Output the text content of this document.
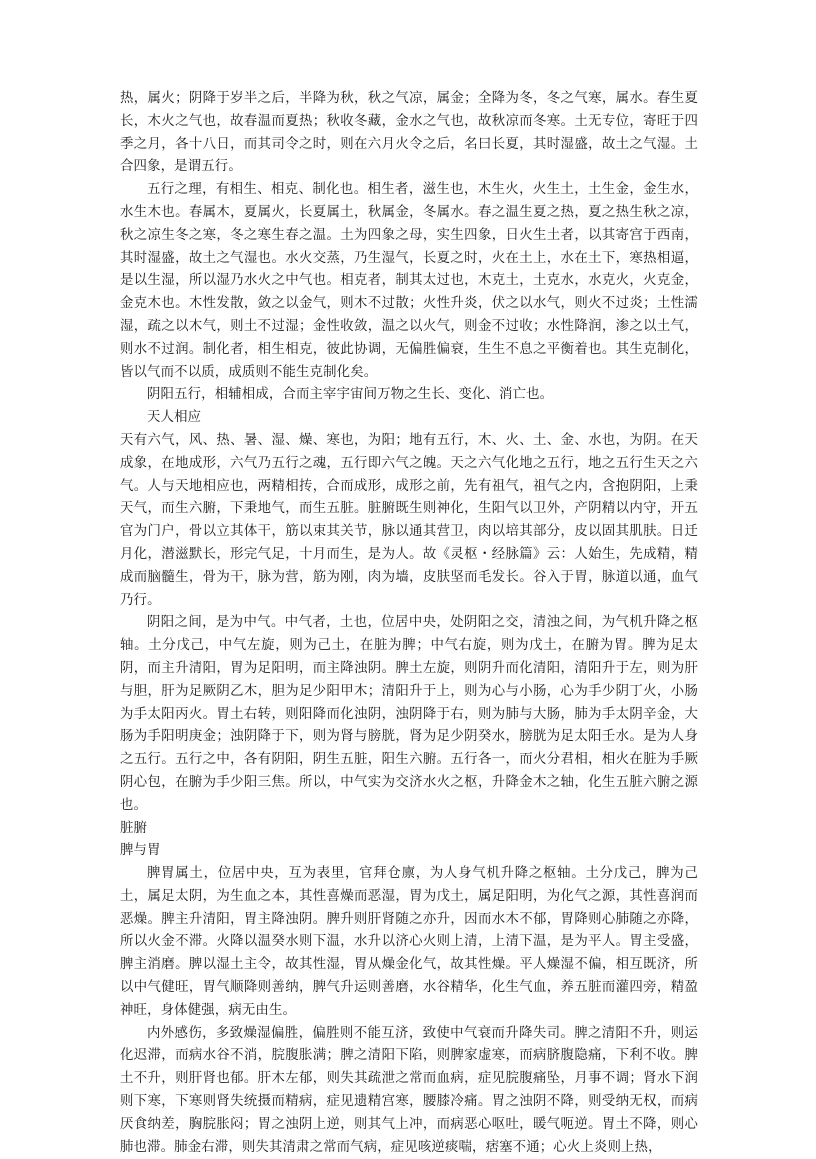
热，属火；阴降于岁半之后，半降为秋，秋之气凉，属金；全降为冬，冬之气寒，属水。春生夏长，木火之气也，故春温而夏热；秋收冬藏，金水之气也，故秋凉而冬寒。土无专位，寄旺于四季之月，各十八日，而其司令之时，则在六月火令之后，名曰长夏，其时湿盛，故土之气湿。土合四象，是谓五行。

五行之理，有相生、相克、制化也。相生者，滋生也，木生火，火生土，土生金，金生水，水生木也。春属木，夏属火，长夏属土，秋属金，冬属水。春之温生夏之热，夏之热生秋之凉，秋之凉生冬之寒，冬之寒生春之温。土为四象之母，实生四象，日火生土者，以其寄宫于西南，其时湿盛，故土之气湿也。水火交蒸，乃生湿气，长夏之时，火在土上，水在土下，寒热相逼，是以生湿，所以湿乃水火之中气也。相克者，制其太过也，木克土，土克水，水克火，火克金，金克木也。木性发散，敛之以金气，则木不过散；火性升炎，伏之以水气，则火不过炎；土性濡湿，疏之以木气，则土不过湿；金性收敛，温之以火气，则金不过收；水性降润，渗之以土气，则水不过润。制化者，相生相克，彼此协调，无偏胜偏衰，生生不息之平衡着也。其生克制化，皆以气而不以质，成质则不能生克制化矣。

阴阳五行，相辅相成，合而主宰宇宙间万物之生长、变化、消亡也。

天人相应

天有六气，风、热、暑、湿、燥、寒也，为阳；地有五行，木、火、土、金、水也，为阴。在天成象，在地成形，六气乃五行之魂，五行即六气之魄。天之六气化地之五行，地之五行生天之六气。人与天地相应也，两精相抟，合而成形，成形之前，先有祖气，祖气之内，含抱阴阳，上秉天气，而生六腑，下秉地气，而生五脏。脏腑既生则神化，生阳气以卫外，产阴精以内守，开五官为门户，骨以立其体干，筋以束其关节，脉以通其营卫，肉以培其部分，皮以固其肌肤。日迁月化，潜滋默长，形完气足，十月而生，是为人。故《灵枢・经脉篇》云：人始生，先成精，精成而脑髓生，骨为干，脉为营，筋为刚，肉为墙，皮肤坚而毛发长。谷入于胃，脉道以通，血气乃行。

阴阳之间，是为中气。中气者，土也，位居中央，处阴阳之交，清浊之间，为气机升降之枢轴。土分戊己，中气左旋，则为己土，在脏为脾；中气右旋，则为戊土，在腑为胃。脾为足太阴，而主升清阳，胃为足阳明，而主降浊阴。脾土左旋，则阴升而化清阳，清阳升于左，则为肝与胆，肝为足厥阴乙木，胆为足少阳甲木；清阳升于上，则为心与小肠，心为手少阴丁火，小肠为手太阳丙火。胃土右转，则阳降而化浊阴，浊阴降于右，则为肺与大肠，肺为手太阴辛金，大肠为手阳明庚金；浊阴降于下，则为肾与膀胱，肾为足少阴癸水，膀胱为足太阳壬水。是为人身之五行。五行之中，各有阴阳，阴生五脏，阳生六腑。五行各一，而火分君相，相火在脏为手厥阴心包，在腑为手少阳三焦。所以，中气实为交济水火之枢，升降金木之轴，化生五脏六腑之源也。

脏腑
脾与胃

脾胃属土，位居中央，互为表里，官拜仓廪，为人身气机升降之枢轴。土分戊己，脾为己土，属足太阴，为生血之本，其性喜燥而恶湿，胃为戊土，属足阳明，为化气之源，其性喜润而恶燥。脾主升清阳，胃主降浊阴。脾升则肝肾随之亦升，因而水木不郁，胃降则心肺随之亦降，所以火金不滞。火降以温癸水则下温，水升以济心火则上清，上清下温，是为平人。胃主受盛，脾主消磨。脾以湿土主令，故其性湿，胃从燥金化气，故其性燥。平人燥湿不偏，相互既济，所以中气健旺，胃气顺降则善纳，脾气升运则善磨，水谷精华，化生气血，养五脏而灌四旁，精盈神旺，身体健强，病无由生。

内外感伤，多致燥湿偏胜，偏胜则不能互济，致使中气衰而升降失司。脾之清阳不升，则运化迟滞，而病水谷不消，脘腹胀满；脾之清阳下陷，则脾家虚寒，而病脐腹隐痛，下利不收。脾土不升，则肝肾也郁。肝木左郁，则失其疏泄之常而血病，症见脘腹痛坠，月事不调；肾水下润则下寒，下寒则肾失统摄而精病，症见遗精宫寒，腰膝冷痛。胃之浊阴不降，则受纳无权，而病厌食纳差，胸脘胀闷；胃之浊阴上逆，则其气上冲，而病恶心呕吐，暖气呃逆。胃土不降，则心肺也滞。肺金右滞，则失其清肃之常而气病，症见咳逆痰喘，痞塞不通；心火上炎则上热，
